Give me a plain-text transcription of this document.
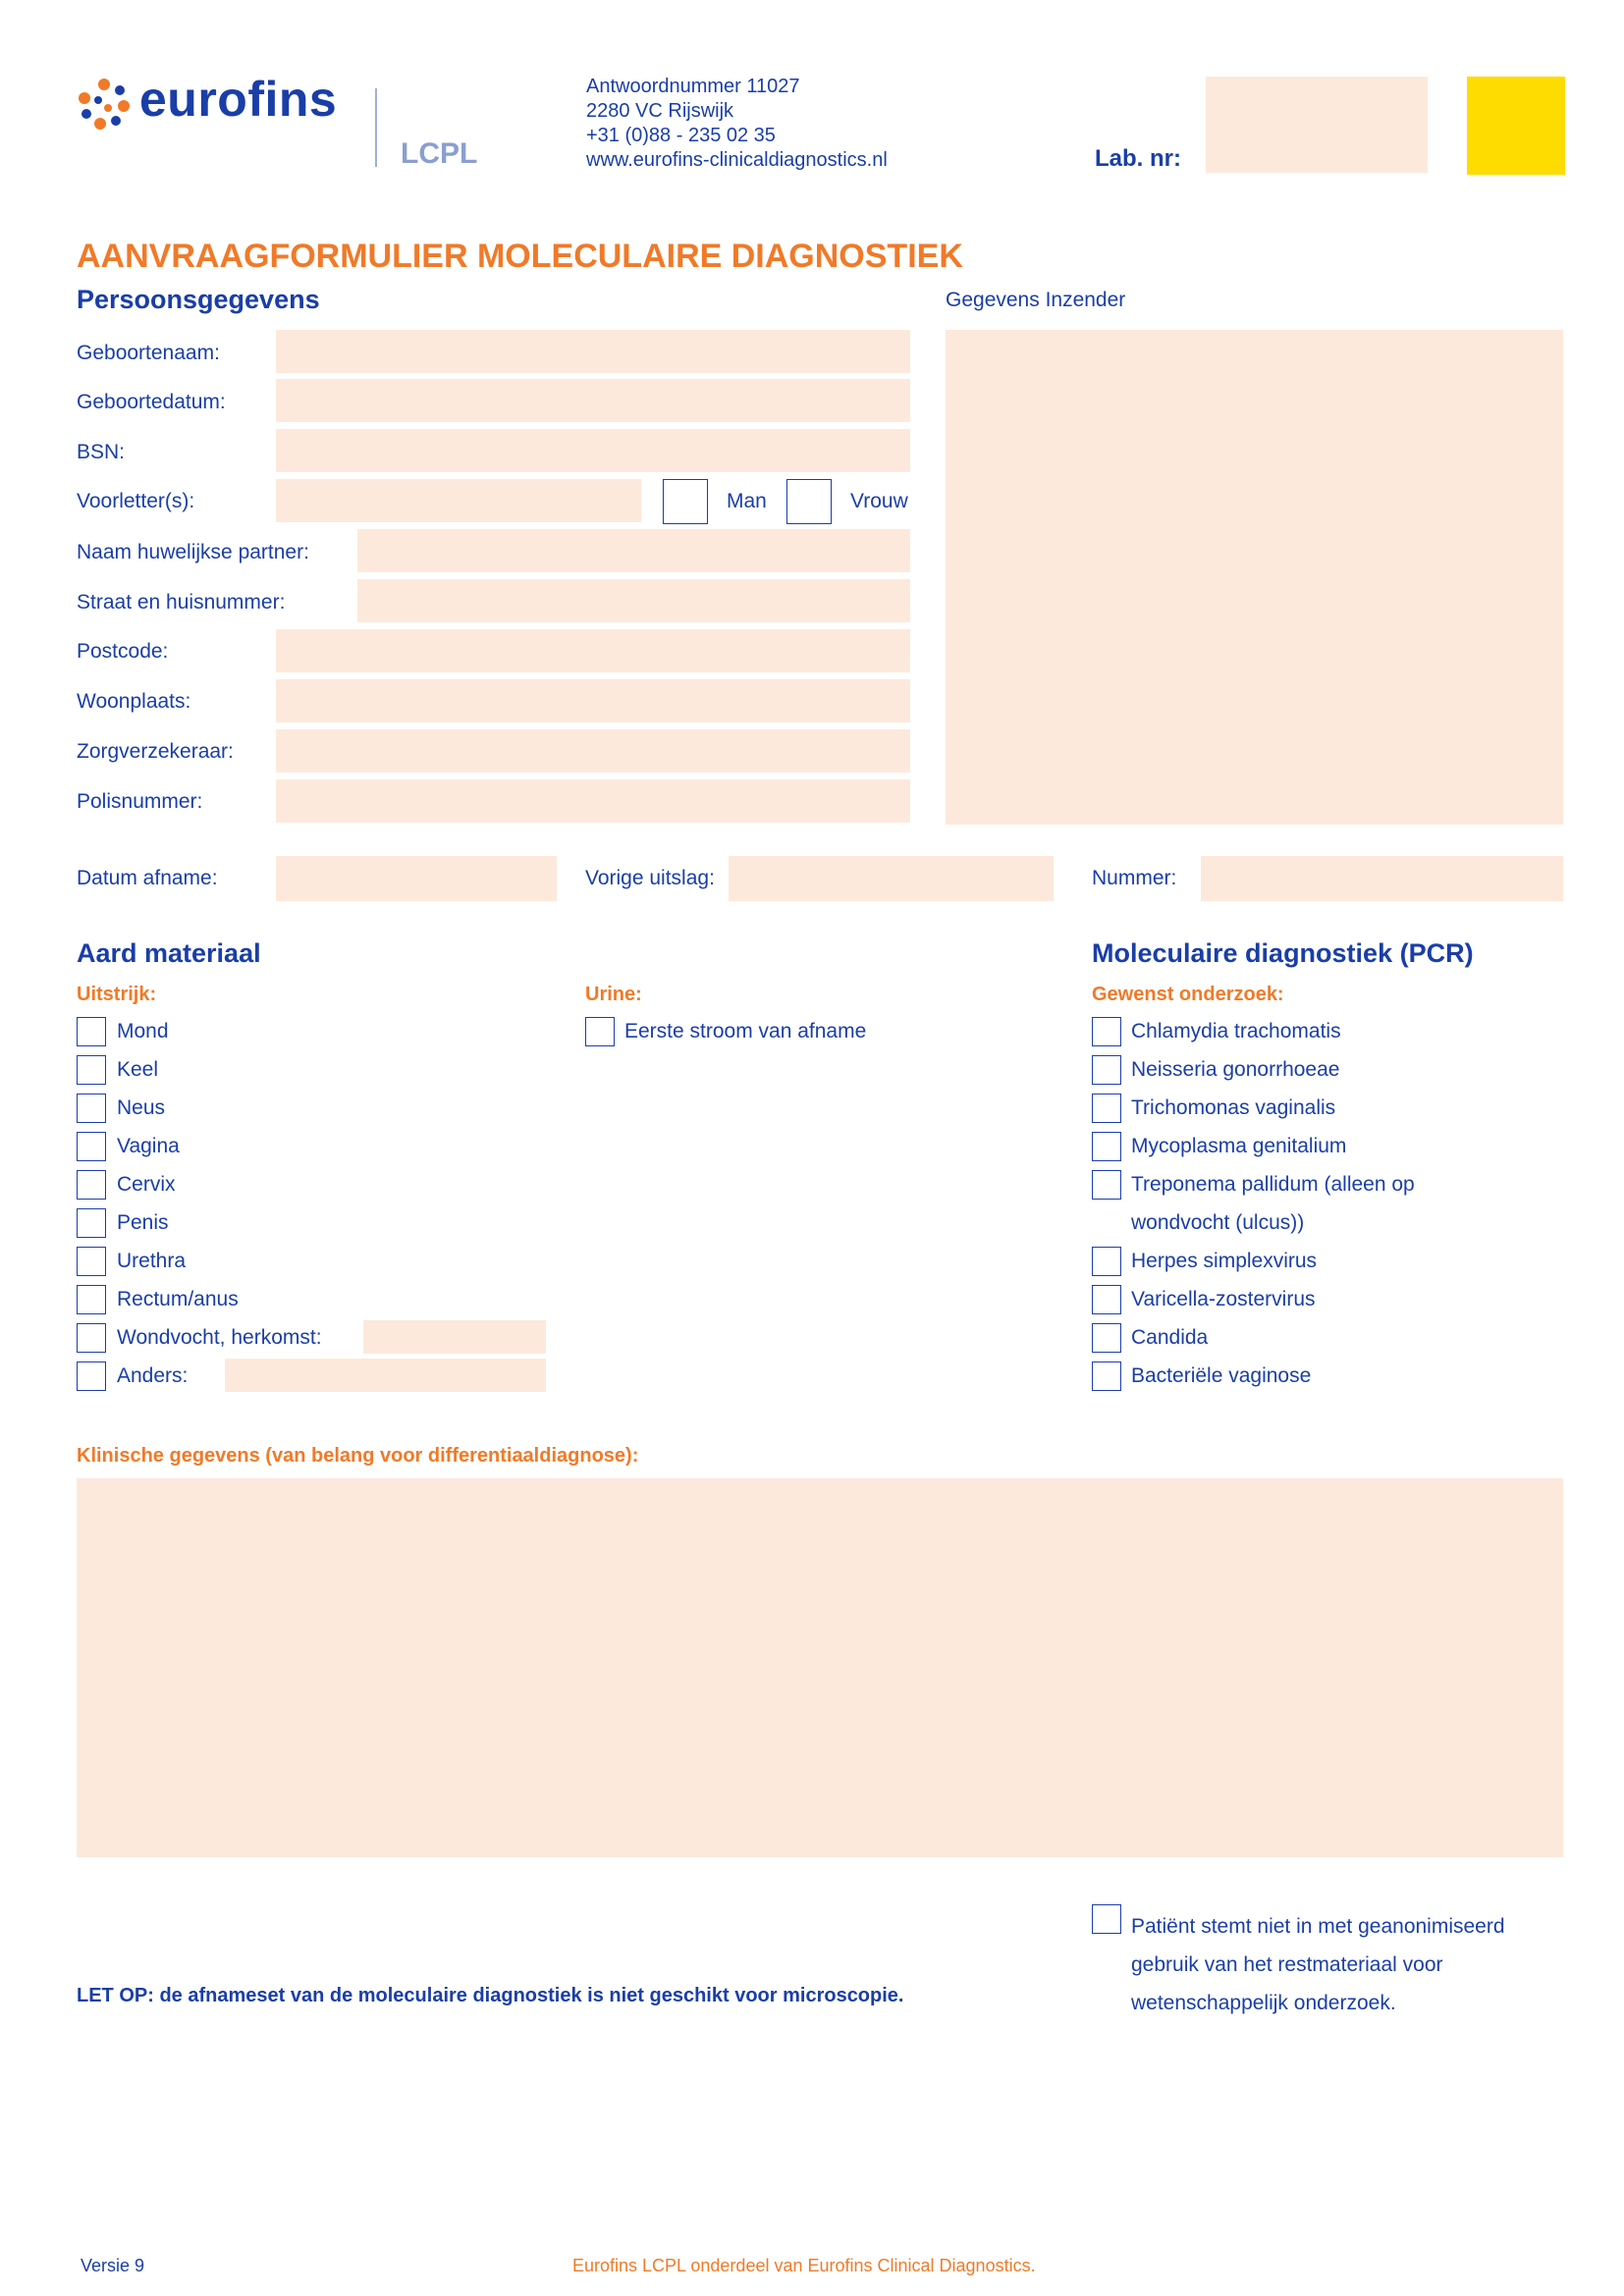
eurofins
LCPL
Antwoordnummer 11027
2280 VC Rijswijk
+31 (0)88 - 235 02 35
www.eurofins-clinicaldiagnostics.nl	Lab. nr:
AANVRAAGFORMULIER MOLECULAIRE DIAGNOSTIEK
Persoonsgegevens
Geboortenaam:
Geboortedatum:
BSN:
Voorletter(s):	Man	Vrouw
Naam huwelijkse partner:
Straat en huisnummer:
Postcode:
Woonplaats:
Zorgverzekeraar:
Polisnummer:
Gegevens Inzender
Datum afname:	Vorige uitslag:	Nummer:
Aard materiaal
Uitstrijk:
Mond
Keel
Neus
Vagina
Cervix
Penis
Urethra
Rectum/anus
Wondvocht, herkomst:
Anders:
Urine:
Eerste stroom van afname
Moleculaire diagnostiek (PCR)
Gewenst onderzoek:
Chlamydia trachomatis
Neisseria gonorrhoeae
Trichomonas vaginalis
Mycoplasma genitalium
Treponema pallidum (alleen op
wondvocht (ulcus))
Herpes simplexvirus
Varicella-zostervirus
Candida
Bacteriële vaginose
Klinische gegevens (van belang voor differentiaaldiagnose):
Patiënt stemt niet in met geanonimiseerd
gebruik van het restmateriaal voor
wetenschappelijk onderzoek.
LET OP: de afnameset van de moleculaire diagnostiek is niet geschikt voor microscopie.
Versie 9	Eurofins LCPL onderdeel van Eurofins Clinical Diagnostics.
